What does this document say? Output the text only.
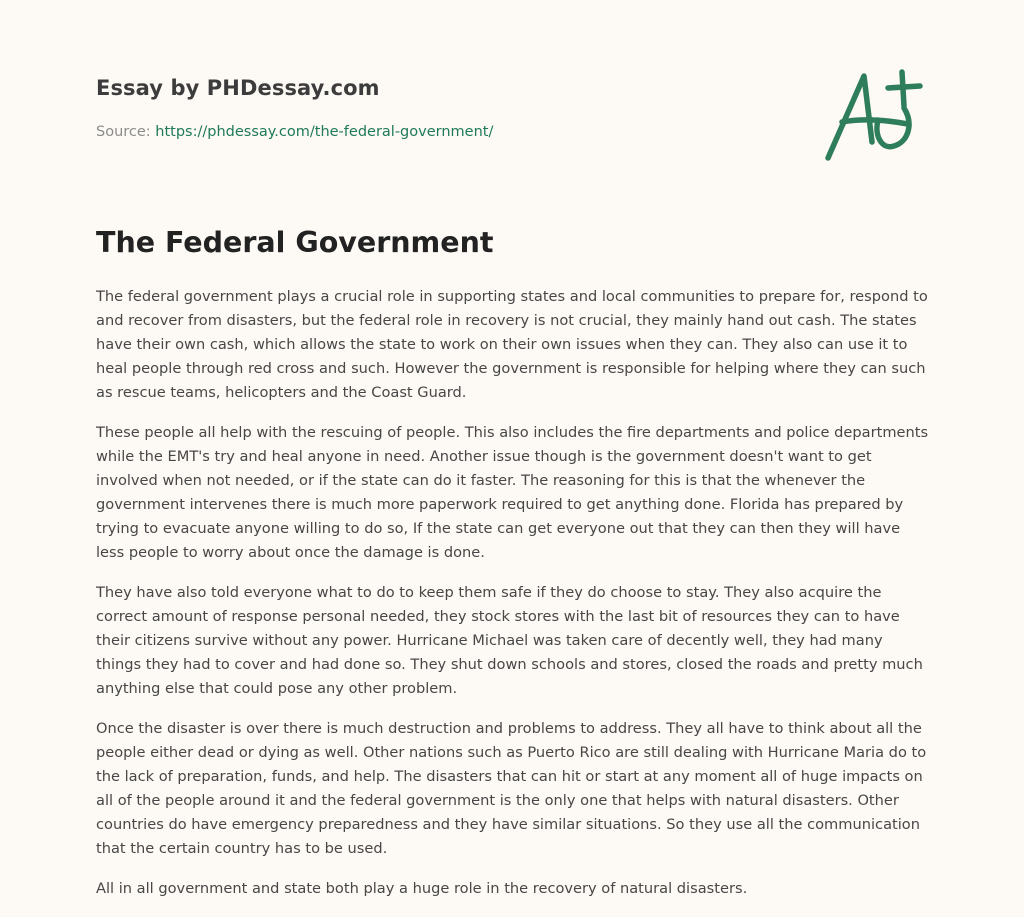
Essay by PHDessay.com
Source: https://phdessay.com/the-federal-government/
The Federal Government

The federal government plays a crucial role in supporting states and local communities to prepare for, respond to and recover from disasters, but the federal role in recovery is not crucial, they mainly hand out cash. The states have their own cash, which allows the state to work on their own issues when they can. They also can use it to heal people through red cross and such. However the government is responsible for helping where they can such as rescue teams, helicopters and the Coast Guard.

These people all help with the rescuing of people. This also includes the fire departments and police departments while the EMT's try and heal anyone in need. Another issue though is the government doesn't want to get involved when not needed, or if the state can do it faster. The reasoning for this is that the whenever the government intervenes there is much more paperwork required to get anything done. Florida has prepared by trying to evacuate anyone willing to do so, If the state can get everyone out that they can then they will have less people to worry about once the damage is done.

They have also told everyone what to do to keep them safe if they do choose to stay. They also acquire the correct amount of response personal needed, they stock stores with the last bit of resources they can to have their citizens survive without any power. Hurricane Michael was taken care of decently well, they had many things they had to cover and had done so. They shut down schools and stores, closed the roads and pretty much anything else that could pose any other problem.

Once the disaster is over there is much destruction and problems to address. They all have to think about all the people either dead or dying as well. Other nations such as Puerto Rico are still dealing with Hurricane Maria do to the lack of preparation, funds, and help. The disasters that can hit or start at any moment all of huge impacts on all of the people around it and the federal government is the only one that helps with natural disasters. Other countries do have emergency preparedness and they have similar situations. So they use all the communication that the certain country has to be used.

All in all government and state both play a huge role in the recovery of natural disasters.
